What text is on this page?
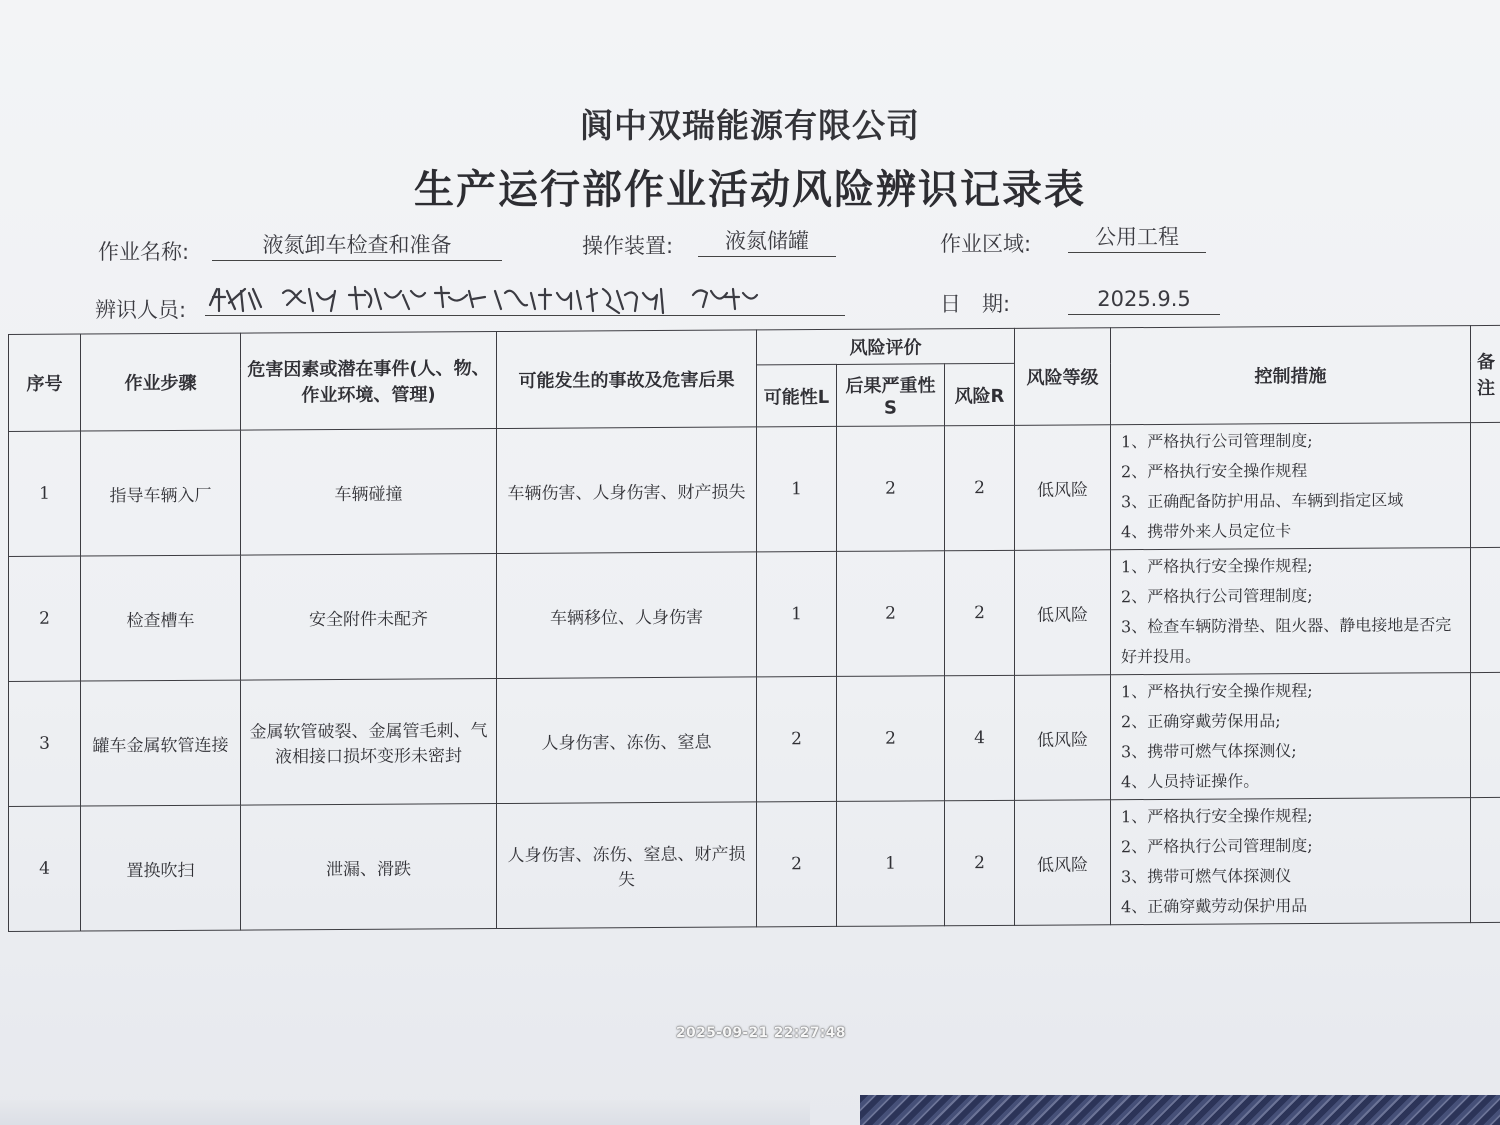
阆中双瑞能源有限公司
生产运行部作业活动风险辨识记录表
作业名称:	液氮卸车检查和准备	操作装置:	液氮储罐	作业区域:	公用工程
辨识人员:	日　期:	2025.9.5
序号	作业步骤	危害因素或潜在事件(人、物、作业环境、管理)	可能发生的事故及危害后果	风险评价			风险等级	控制措施	备注
				可能性L	后果严重性S	风险R			
1	指导车辆入厂	车辆碰撞	车辆伤害、人身伤害、财产损失	1	2	2	低风险	1、严格执行公司管理制度;
2、严格执行安全操作规程
3、正确配备防护用品、车辆到指定区域
4、携带外来人员定位卡	

2	检查槽车	安全附件未配齐	车辆移位、人身伤害	1	2	2	低风险	1、严格执行安全操作规程;
2、严格执行公司管理制度;
3、检查车辆防滑垫、阻火器、静电接地是否完好并投用。	

3	罐车金属软管连接	金属软管破裂、金属管毛刺、气液相接口损坏变形未密封	人身伤害、冻伤、窒息	2	2	4	低风险	1、严格执行安全操作规程;
2、正确穿戴劳保用品;
3、携带可燃气体探测仪;
4、人员持证操作。	

4	置换吹扫	泄漏、滑跌	人身伤害、冻伤、窒息、财产损失	2	1	2	低风险	1、严格执行安全操作规程;
2、严格执行公司管理制度;
3、携带可燃气体探测仪
4、正确穿戴劳动保护用品	

2025-09-21 22:27:48
